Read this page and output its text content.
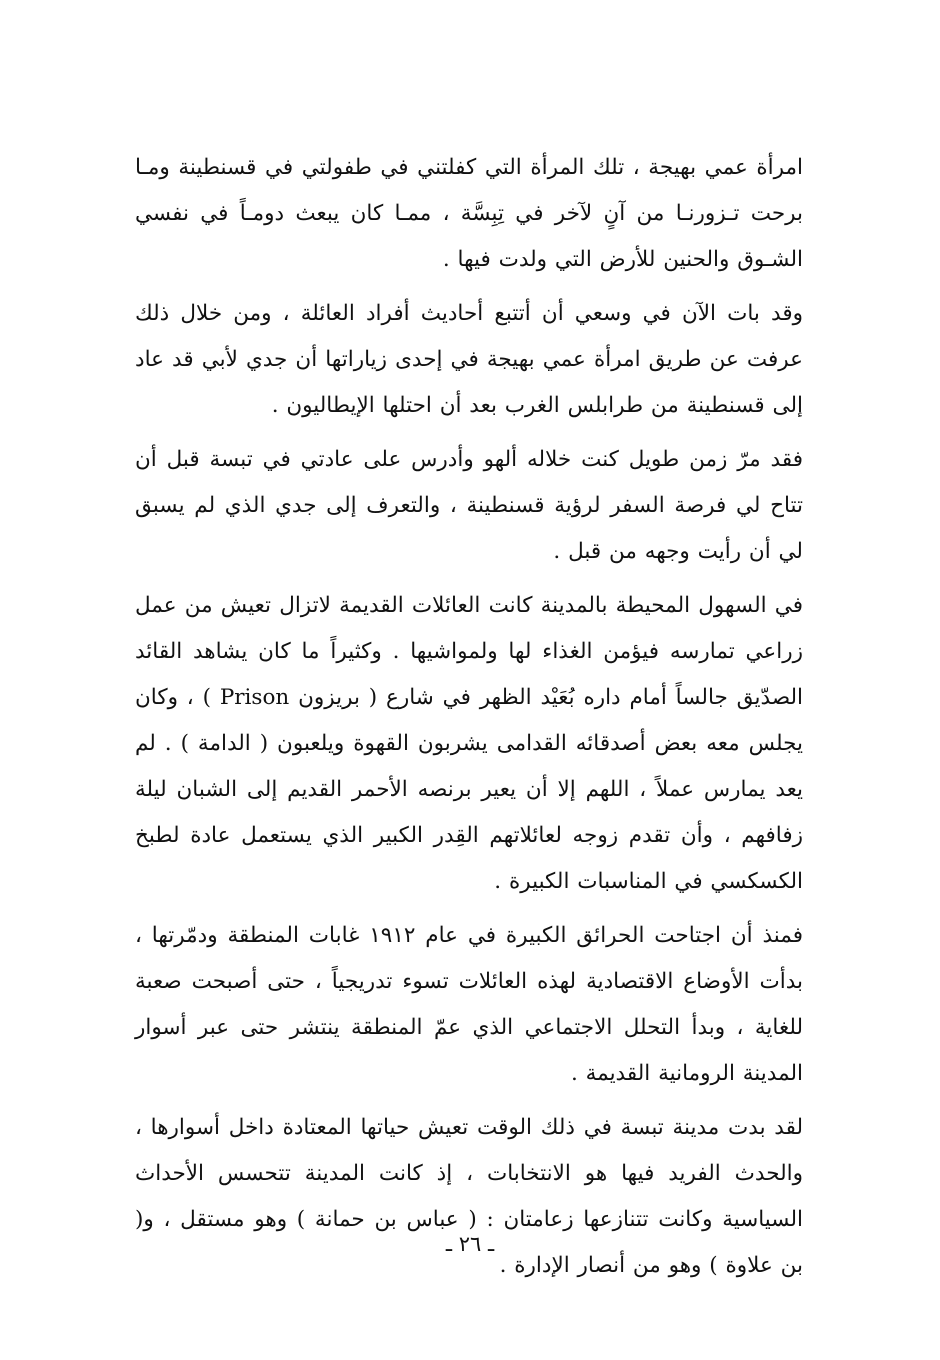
امرأة عمي بهيجة ، تلك المرأة التي كفلتني في طفولتي في قسنطينة ومـا برحت تـزورنـا من آنٍ لآخر في تِبِسَّة ، ممـا كان يبعث دومـاً في نفسي الشـوق والحنين للأرض التي ولدت فيها .

وقد بات الآن في وسعي أن أتتبع أحاديث أفراد العائلة ، ومن خلال ذلك عرفت عن طريق امرأة عمي بهيجة في إحدى زياراتها أن جدي لأبي قد عاد إلى قسنطينة من طرابلس الغرب بعد أن احتلها الإيطاليون .

فقد مرّ زمن طويل كنت خلاله ألهو وأدرس على عادتي في تبسة قبل أن تتاح لي فرصة السفر لرؤية قسنطينة ، والتعرف إلى جدي الذي لم يسبق لي أن رأيت وجهه من قبل .

في السهول المحيطة بالمدينة كانت العائلات القديمة لاتزال تعيش من عمل زراعي تمارسه فيؤمن الغذاء لها ولمواشيها . وكثيراً ما كان يشاهد القائد الصدّيق جالساً أمام داره بُعَيْد الظهر في شارع ( بريزون Prison ) ، وكان يجلس معه بعض أصدقائه القدامى يشربون القهوة ويلعبون ( الدامة ) . لم يعد يمارس عملاً ، اللهم إلا أن يعير برنصه الأحمر القديم إلى الشبان ليلة زفافهم ، وأن تقدم زوجه لعائلاتهم القِدر الكبير الذي يستعمل عادة لطبخ الكسكسي في المناسبات الكبيرة .

فمنذ أن اجتاحت الحرائق الكبيرة في عام ١٩١٢ غابات المنطقة ودمّرتها ، بدأت الأوضاع الاقتصادية لهذه العائلات تسوء تدريجياً ، حتى أصبحت صعبة للغاية ، وبدأ التحلل الاجتماعي الذي عمّ المنطقة ينتشر حتى عبر أسوار المدينة الرومانية القديمة .

لقد بدت مدينة تبسة في ذلك الوقت تعيش حياتها المعتادة داخل أسوارها ، والحدث الفريد فيها هو الانتخابات ، إذ كانت المدينة تتحسس الأحداث السياسية وكانت تتنازعها زعامتان : ( عباس بن حمانة ) وهو مستقل ، و( بن علاوة ) وهو من أنصار الإدارة .

ـ ٢٦ ـ
